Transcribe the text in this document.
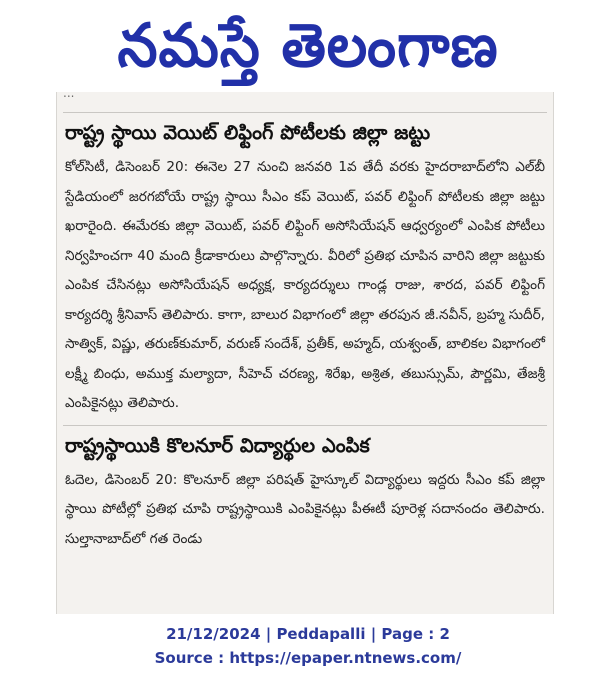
నమస్తే తెలంగాణ
...
రాష్ట్ర స్థాయి వెయిట్ లిఫ్టింగ్ పోటీలకు జిల్లా జట్టు
కోల్‌సిటీ, డిసెంబర్ 20: ఈనెల 27 నుంచి జనవరి 1వ తేదీ వరకు హైదరాబాద్‌లోని ఎల్‌బీ స్టేడియంలో జరగబోయే రాష్ట్ర స్థాయి సీఎం కప్ వెయిట్, పవర్ లిఫ్టింగ్ పోటీలకు జిల్లా జట్టు ఖరారైంది. ఈమేరకు జిల్లా వెయిట్, పవర్ లిఫ్టింగ్ అసోసియేషన్ ఆధ్వర్యంలో ఎంపిక పోటీలు నిర్వహించగా 40 మంది క్రీడాకారులు పాల్గొన్నారు. వీరిలో ప్రతిభ చూపిన వారిని జిల్లా జట్టుకు ఎంపిక చేసినట్లు అసోసియేషన్ అధ్యక్ష, కార్యదర్శులు గాండ్ల రాజు, శారద, పవర్ లిఫ్టింగ్ కార్యదర్శి శ్రీనివాస్ తెలిపారు. కాగా, బాలుర విభాగంలో జిల్లా తరపున జీ.నవీన్, బ్రహ్మ సుదీర్, సాత్విక్, విష్ణు, తరుణ్‌కుమార్, వరుణ్ సందేశ్, ప్రతీక్, అహ్మద్, యశ్వంత్, బాలికల విభాగంలో లక్ష్మీ బింధు, అముక్త మల్యాదా, సీహెచ్ చరణ్య, శిరేఖ, అశ్రిత, తబుస్సుమ్, పౌర్ణమి, తేజశ్రీ ఎంపికైనట్లు తెలిపారు.
రాష్ట్రస్థాయికి కొలనూర్ విద్యార్థుల ఎంపిక
ఓదెల, డిసెంబర్ 20: కొలనూర్ జిల్లా పరిషత్ హైస్కూల్ విద్యార్థులు ఇద్దరు సీఎం కప్ జిల్లా స్థాయి పోటీల్లో ప్రతిభ చూపి రాష్ట్రస్థాయికి ఎంపికైనట్లు పీఈటీ పూరెళ్ల సదానందం తెలిపారు. సుల్తానాబాద్‌లో గత రెండు
21/12/2024 | Peddapalli | Page : 2
Source : https://epaper.ntnews.com/
